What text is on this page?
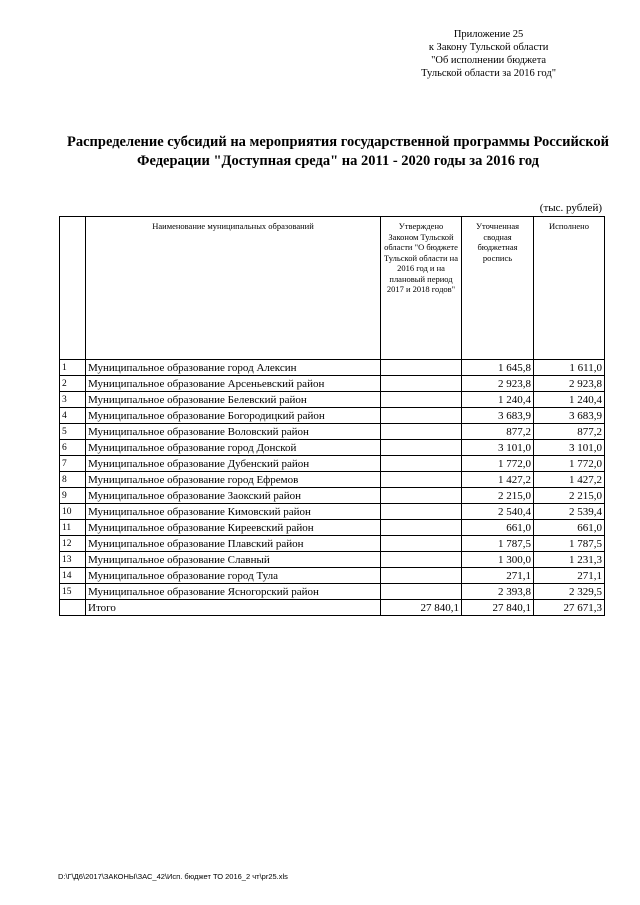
Приложение 25
к Закону Тульской области
"Об исполнении бюджета
Тульской области за 2016 год"
Распределение субсидий на мероприятия государственной программы Российской
Федерации "Доступная среда" на 2011 - 2020 годы за 2016 год
(тыс. рублей)
	Наименование муниципальных образований	Утверждено Законом Тульской области "О бюджете Тульской области на 2016 год и на плановый период 2017 и 2018 годов"	Уточненная сводная бюджетная роспись	Исполнено
1	Муниципальное образование город Алексин		1 645,8	1 611,0
2	Муниципальное образование Арсеньевский район		2 923,8	2 923,8
3	Муниципальное образование Белевский район		1 240,4	1 240,4
4	Муниципальное образование Богородицкий район		3 683,9	3 683,9
5	Муниципальное образование Воловский район		877,2	877,2
6	Муниципальное образование город Донской		3 101,0	3 101,0
7	Муниципальное образование Дубенский район		1 772,0	1 772,0
8	Муниципальное образование город Ефремов		1 427,2	1 427,2
9	Муниципальное образование Заокский район		2 215,0	2 215,0
10	Муниципальное образование Кимовский район		2 540,4	2 539,4
11	Муниципальное образование Киреевский район		661,0	661,0
12	Муниципальное образование Плавский район		1 787,5	1 787,5
13	Муниципальное образование Славный		1 300,0	1 231,3
14	Муниципальное образование город Тула		271,1	271,1
15	Муниципальное образование Ясногорский район		2 393,8	2 329,5
	Итого	27 840,1	27 840,1	27 671,3
D:\Г\Д6\2017\ЗАКОНЫ\ЗАС_42\Исп. бюджет ТО 2016_2 чт\pr25.xls
